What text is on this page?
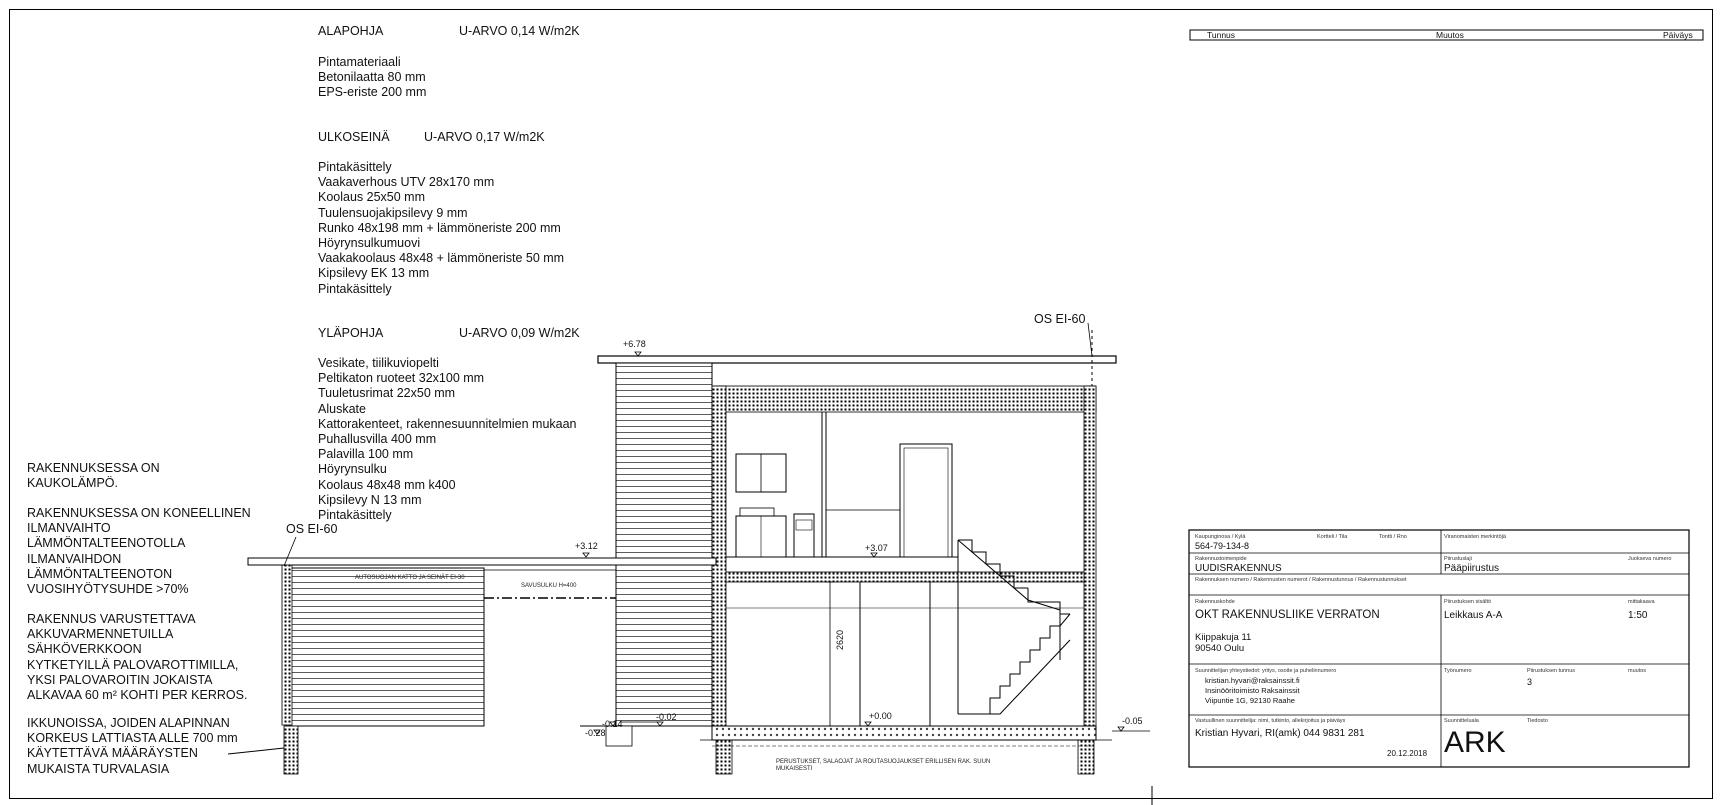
ALAPOHJA	U-ARVO 0,14 W/m2K
Pintamateriaali
Betonilaatta 80 mm
EPS-eriste 200 mm
ULKOSEINÄ	U-ARVO 0,17 W/m2K
Pintakäsittely
Vaakaverhous UTV 28x170 mm
Koolaus 25x50 mm
Tuulensuojakipsilevy 9 mm
Runko 48x198 mm + lämmöneriste 200 mm
Höyrynsulkumuovi
Vaakakoolaus 48x48 + lämmöneriste 50 mm
Kipsilevy EK 13 mm
Pintakäsittely
YLÄPOHJA	U-ARVO 0,09 W/m2K
Vesikate, tiilikuviopelti
Peltikaton ruoteet 32x100 mm
Tuuletusrimat 22x50 mm
Aluskate
Kattorakenteet, rakennesuunnitelmien mukaan
Puhallusvilla 400 mm
Palavilla 100 mm
Höyrynsulku
Koolaus 48x48 mm k400
Kipsilevy N 13 mm
Pintakäsittely
RAKENNUKSESSA ON
KAUKOLÄMPÖ.
RAKENNUKSESSA ON KONEELLINEN
ILMANVAIHTO
LÄMMÖNTALTEENOTOLLA
ILMANVAIHDON
LÄMMÖNTALTEENOTON
VUOSIHYÖTYSUHDE >70%
RAKENNUS VARUSTETTAVA
AKKUVARMENNETUILLA
SÄHKÖVERKKOON
KYTKETYILLÄ PALOVAROTTIMILLA,
YKSI PALOVAROITIN JOKAISTA
ALKAVAA 60 m² KOHTI PER KERROS.
IKKUNOISSA, JOIDEN ALAPINNAN
KORKEUS LATTIASTA ALLE 700 mm
KÄYTETTÄVÄ MÄÄRÄYSTEN
MUKAISTA TURVALASIA
OS EI-60
OS EI-60
+6.78
+3.12	+3.07
+0.00
-0.02
-0.14
-0.28
-0.05
2620
AUTOSUOJAN KATTO JA SEINÄT EI-30
SAVUSULKU H=400
PERUSTUKSET, SALAOJAT JA ROUTASUOJAUKSET ERILLISEN RAK. SUUN
MUKAISESTI
Tunnus	Muutos	Päiväys
Kaupunginosa / Kylä	Kortteli / Tila	Tontti / Rno
564-79-134-8
Viranomaisten merkintöjä
Rakennustoimenpide
UUDISRAKENNUS
Piirustuslaji
Pääpiirustus
Juokseva numero
Rakennuksen numero / Rakennusten numerot / Rakennustunnus / Rakennustunnukset
Rakennuskohde
OKT RAKENNUSLIIKE VERRATON
Kiippakuja 11
90540 Oulu
Piirustuksen sisältö
Leikkaus A-A
mittakaava
1:50
Suunnittelijan yhteystiedot: yritys, osoite ja puhelinnumero
kristian.hyvari@raksainssit.fi
Insinööritoimisto Raksainssit
Viipuntie 1G, 92130 Raahe
Työnumero	Piirustuksen tunnus
3
muutos
Vastuullinen suunnittelija: nimi, tutkinto, allekirjoitus ja päiväys
Kristian Hyvari, RI(amk) 044 9831 281
20.12.2018
Suunnitteluala	Tiedosto
ARK
